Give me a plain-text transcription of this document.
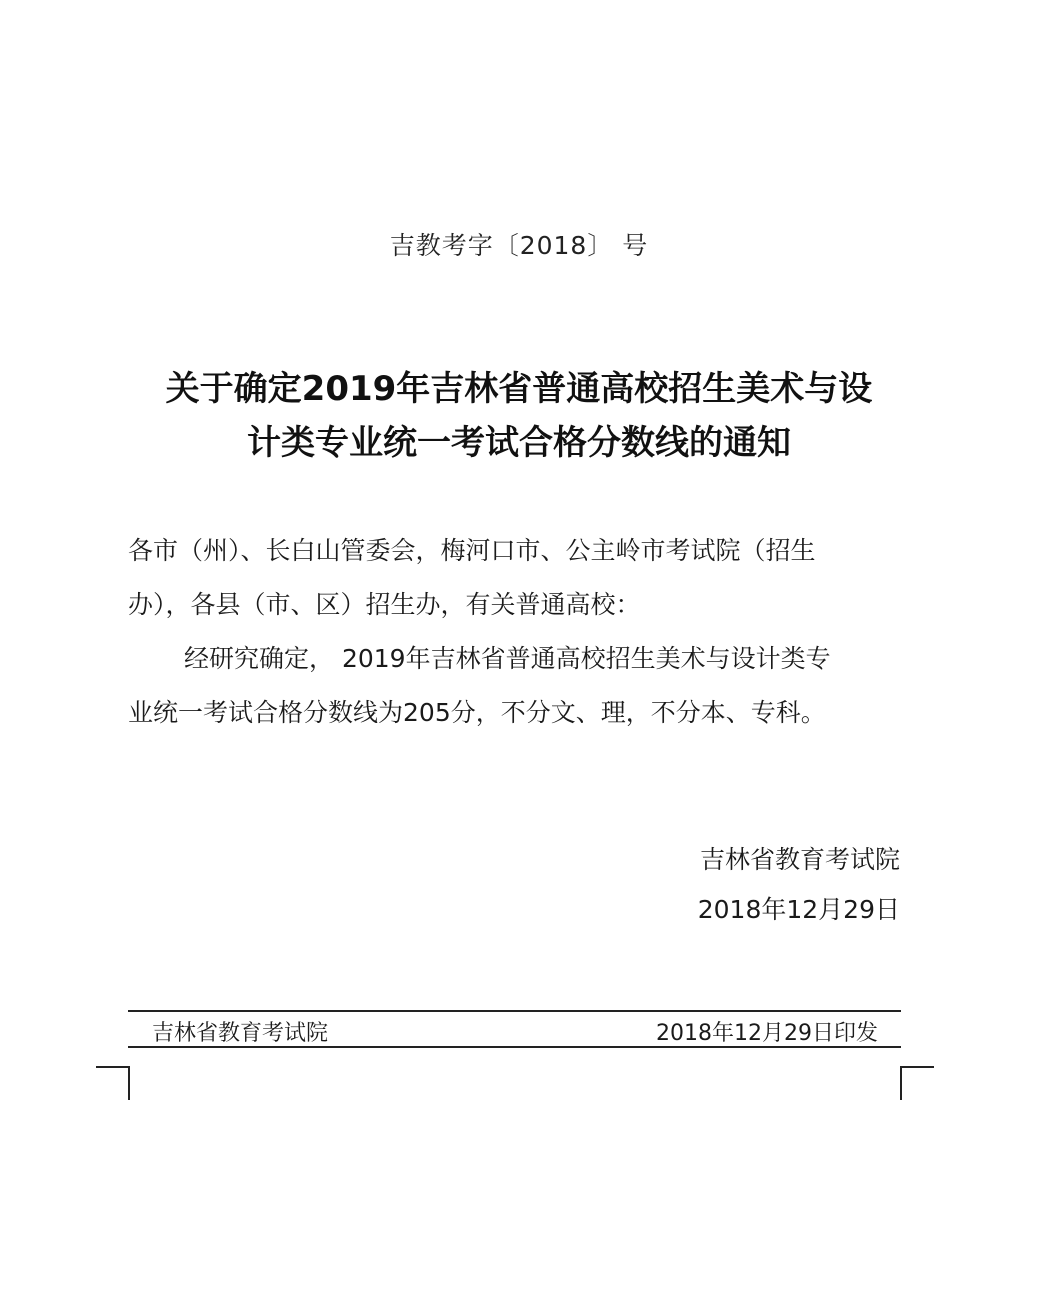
吉教考字〔2018〕 号
关于确定2019年吉林省普通高校招生美术与设
计类专业统一考试合格分数线的通知
各市（州）、长白山管委会，梅河口市、公主岭市考试院（招生
办），各县（市、区）招生办，有关普通高校：
经研究确定， 2019年吉林省普通高校招生美术与设计类专
业统一考试合格分数线为205分，不分文、理，不分本、专科。
吉林省教育考试院
2018年12月29日
吉林省教育考试院	2018年12月29日印发
